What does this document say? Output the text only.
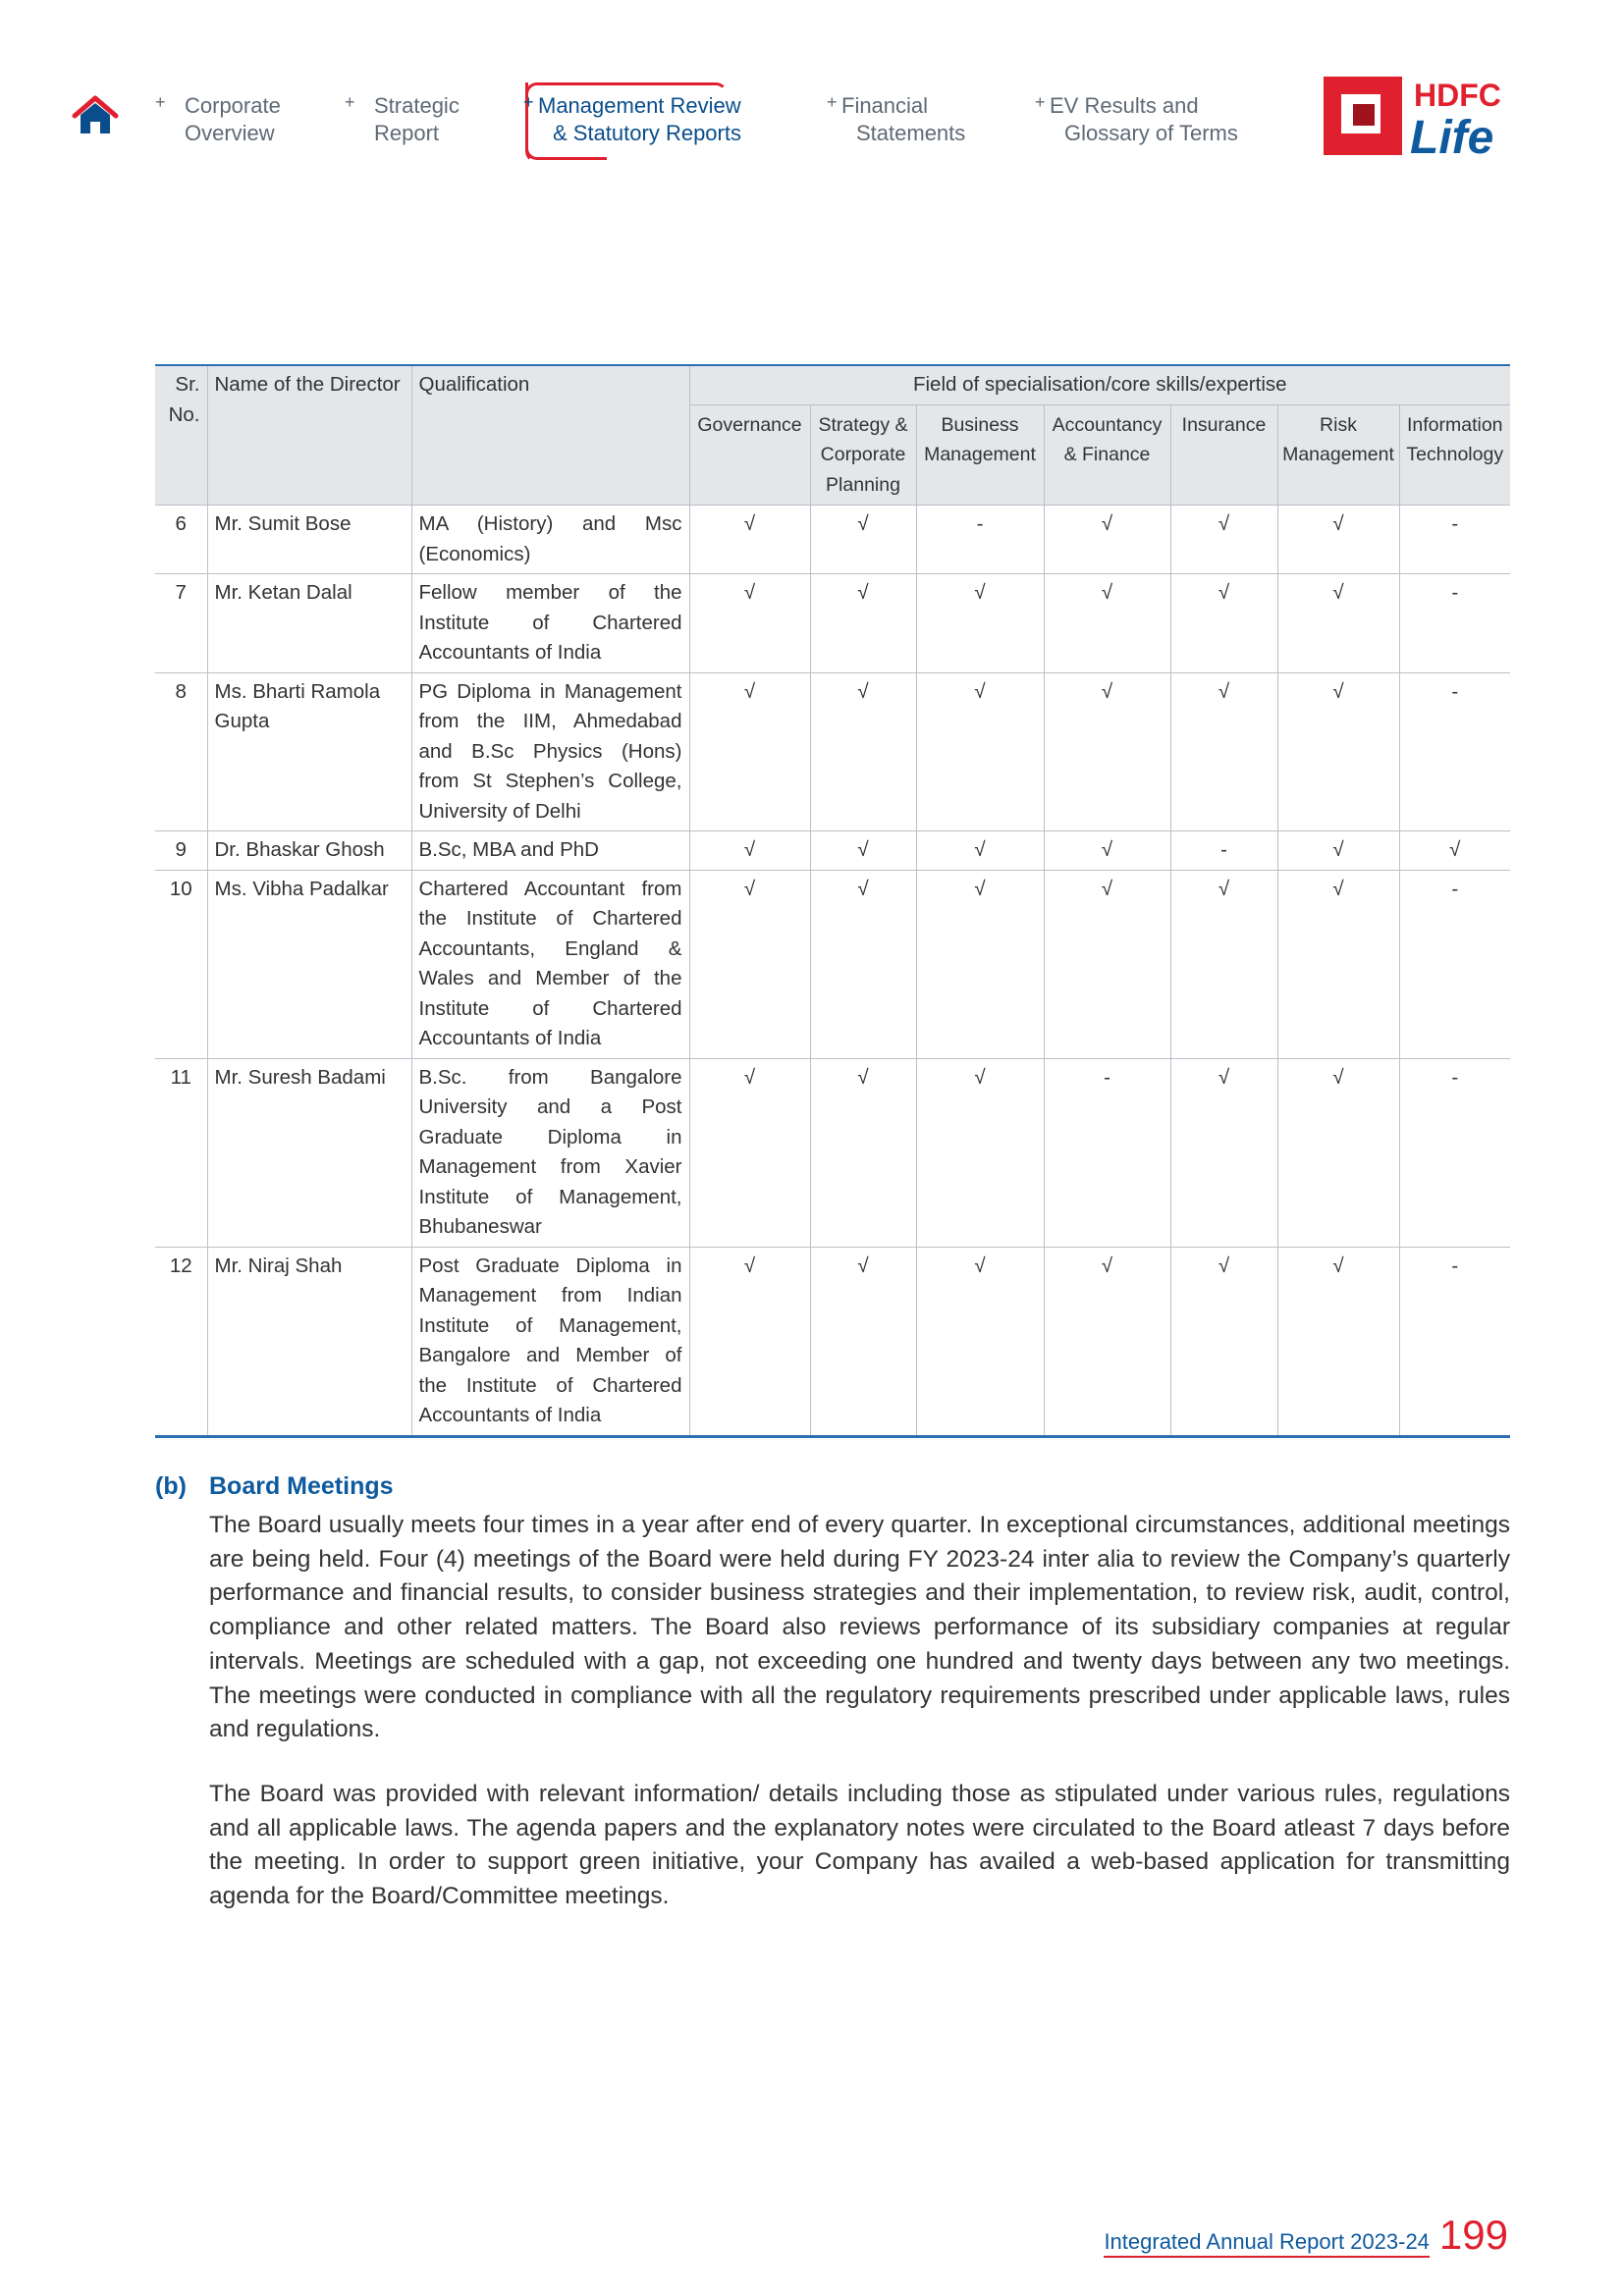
+ Corporate
Overview
+ Strategic
Report
+ Management Review
& Statutory Reports
+ Financial
Statements
+ EV Results and
Glossary of Terms
HDFC
Life
Sr. No.	Name of the Director	Qualification	Field of specialisation/core skills/expertise						
			Governance	Strategy & Corporate Planning	Business Management	Accountancy & Finance	Insurance	Risk Management	Information Technology
6	Mr. Sumit Bose	MA (History) and Msc (Economics)	√	√	-	√	√	√	-
7	Mr. Ketan Dalal	Fellow member of the Institute of Chartered Accountants of India	√	√	√	√	√	√	-
8	Ms. Bharti Ramola Gupta	PG Diploma in Management from the IIM, Ahmedabad and B.Sc Physics (Hons) from St Stephen’s College, University of Delhi	√	√	√	√	√	√	-
9	Dr. Bhaskar Ghosh	B.Sc, MBA and PhD	√	√	√	√	-	√	√
10	Ms. Vibha Padalkar	Chartered Accountant from the Institute of Chartered Accountants, England & Wales and Member of the Institute of Chartered Accountants of India	√	√	√	√	√	√	-
11	Mr. Suresh Badami	B.Sc. from Bangalore University and a Post Graduate Diploma in Management from Xavier Institute of Management, Bhubaneswar	√	√	√	-	√	√	-
12	Mr. Niraj Shah	Post Graduate Diploma in Management from Indian Institute of Management, Bangalore and Member of the Institute of Chartered Accountants of India	√	√	√	√	√	√	-
(b) Board Meetings

The Board usually meets four times in a year after end of every quarter. In exceptional circumstances, additional meetings are being held. Four (4) meetings of the Board were held during FY 2023-24 inter alia to review the Company’s quarterly performance and financial results, to consider business strategies and their implementation, to review risk, audit, control, compliance and other related matters. The Board also reviews performance of its subsidiary companies at regular intervals. Meetings are scheduled with a gap, not exceeding one hundred and twenty days between any two meetings. The meetings were conducted in compliance with all the regulatory requirements prescribed under applicable laws, rules and regulations.

The Board was provided with relevant information/ details including those as stipulated under various rules, regulations and all applicable laws. The agenda papers and the explanatory notes were circulated to the Board atleast 7 days before the meeting. In order to support green initiative, your Company has availed a web-based application for transmitting agenda for the Board/Committee meetings.

Integrated Annual Report 2023-24 199
